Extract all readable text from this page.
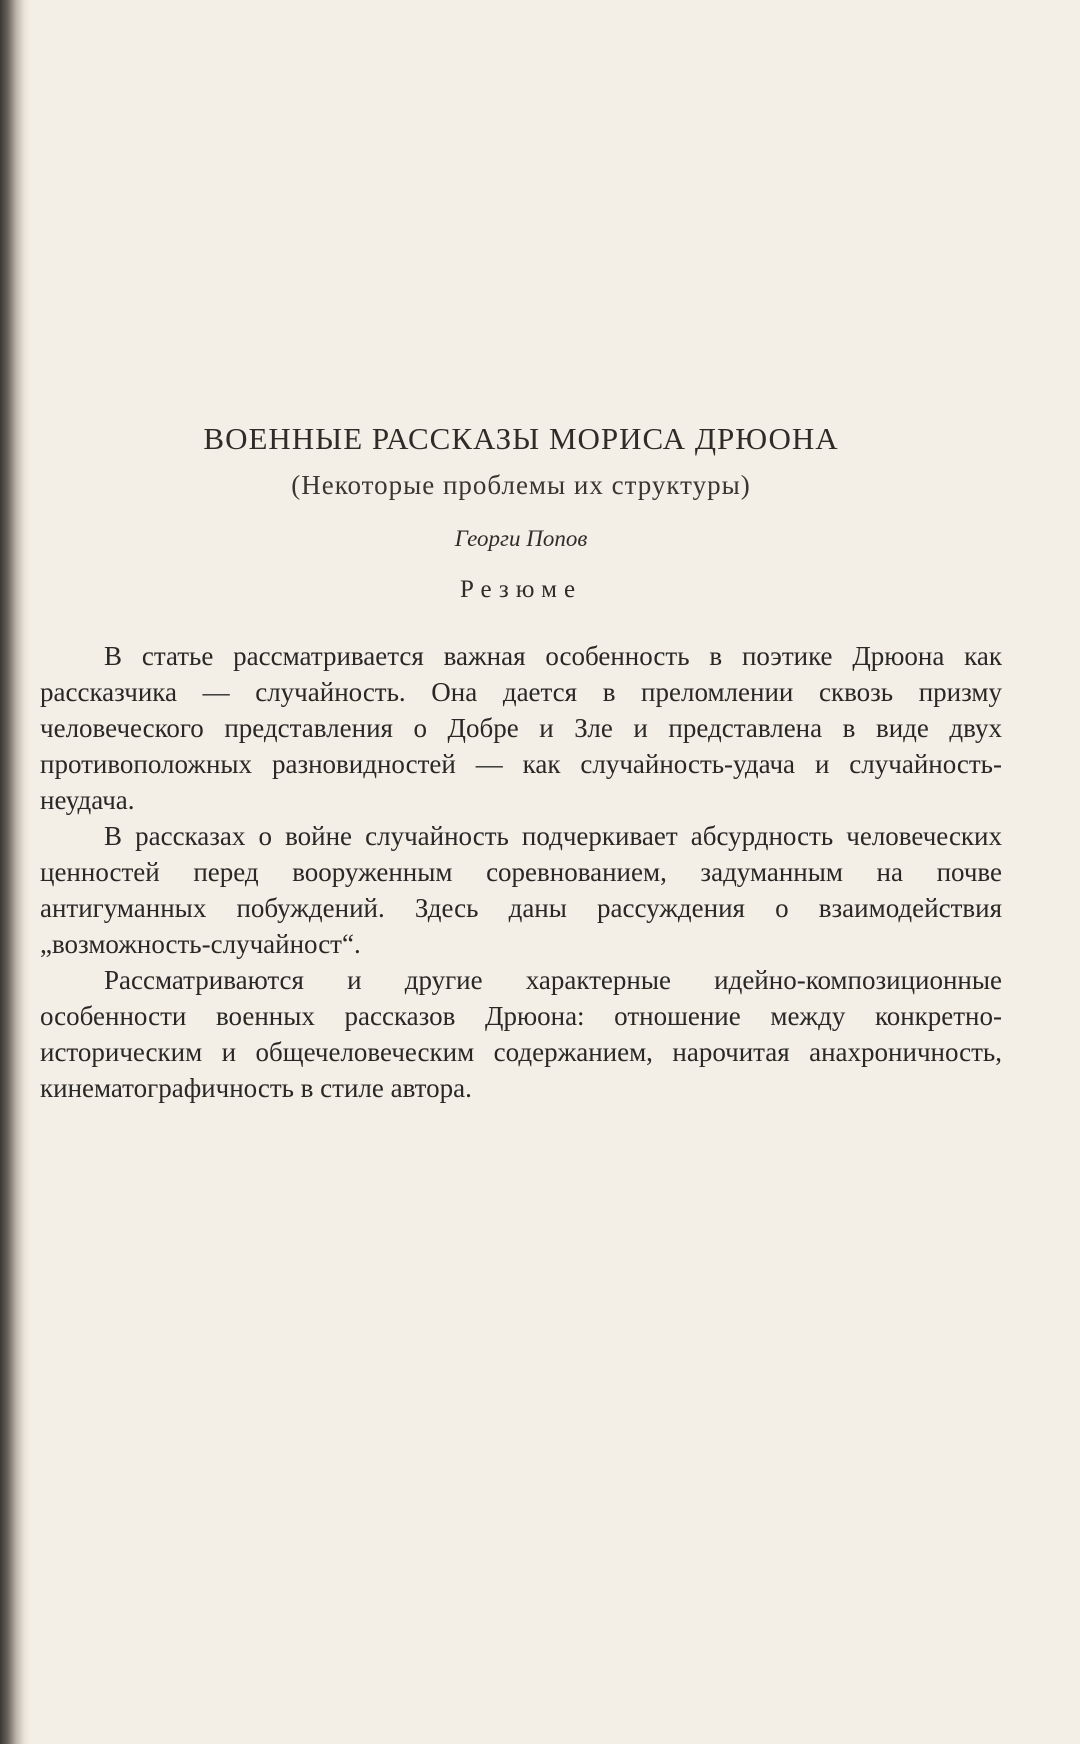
ВОЕННЫЕ РАССКАЗЫ МОРИСА ДРЮОНА
(Некоторые проблемы их структуры)
Георги Попов
Резюме

В статье рассматривается важная особенность в поэтике Дрюона как рассказчика — случайность. Она дается в преломлении сквозь призму человеческого представления о Добре и Зле и представлена в виде двух противоположных разновидностей — как случайность-удача и случайность-неудача.

В рассказах о войне случайность подчеркивает абсурдность человеческих ценностей перед вооруженным соревнованием, задуманным на почве антигуманных побуждений. Здесь даны рассуждения о взаимодействия „возможность-случайност“.

Рассматриваются и другие характерные идейно-композиционные особенности военных рассказов Дрюона: отношение между конкретно-историческим и общечеловеческим содержанием, нарочитая анахроничность, кинематографичность в стиле автора.
